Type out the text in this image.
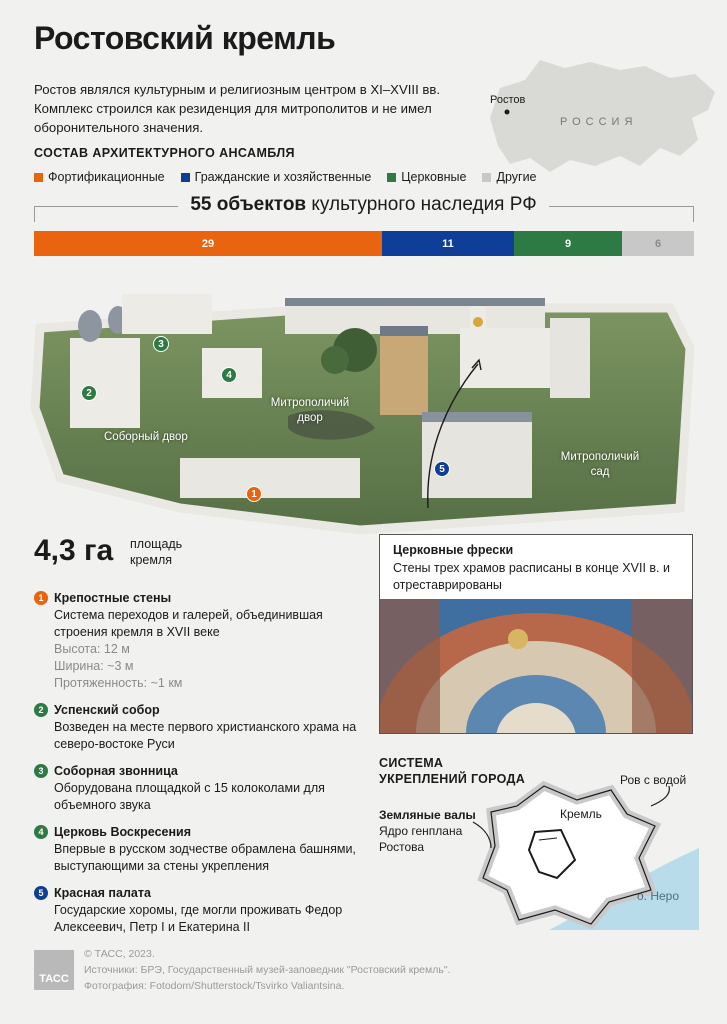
Ростовский кремль
Ростов являлся культурным и религиозным центром в XI–XVIII вв. Комплекс строился как резиденция для митрополитов и не имел оборонительного значения.
Ростов
РОССИЯ
СОСТАВ АРХИТЕКТУРНОГО АНСАМБЛЯ
Фортификационные Гражданские и хозяйственные Церковные Другие
55 объектов культурного наследия РФ
29	11	9	6
Соборный двор
Митрополичий двор
Митрополичий сад
1
2
3
4
5
4,3 га площадь кремля
1 Крепостные стены
Система переходов и галерей, объединившая строения кремля в XVII веке
Высота: 12 м
Ширина: ~3 м
Протяженность: ~1 км
2 Успенский собор
Возведен на месте первого христианского храма на северо-востоке Руси
3 Соборная звонница
Оборудована площадкой с 15 колоколами для объемного звука
4 Церковь Воскресения
Впервые в русском зодчестве обрамлена башнями, выступающими за стены укрепления
5 Красная палата
Государские хоромы, где могли проживать Федор Алексеевич, Петр I и Екатерина II
Церковные фрески
Стены трех храмов расписаны в конце XVII в. и отреставрированы
СИСТЕМА
УКРЕПЛЕНИЙ ГОРОДА	Ров с водой
Земляные валы
Ядро генплана
Ростова
Кремль
о. Неро
ТАСС
© ТАСС, 2023.
Источники: БРЭ, Государственный музей-заповедник "Ростовский кремль".
Фотография: Fotodom/Shutterstock/Tsvirko Valiantsina.
